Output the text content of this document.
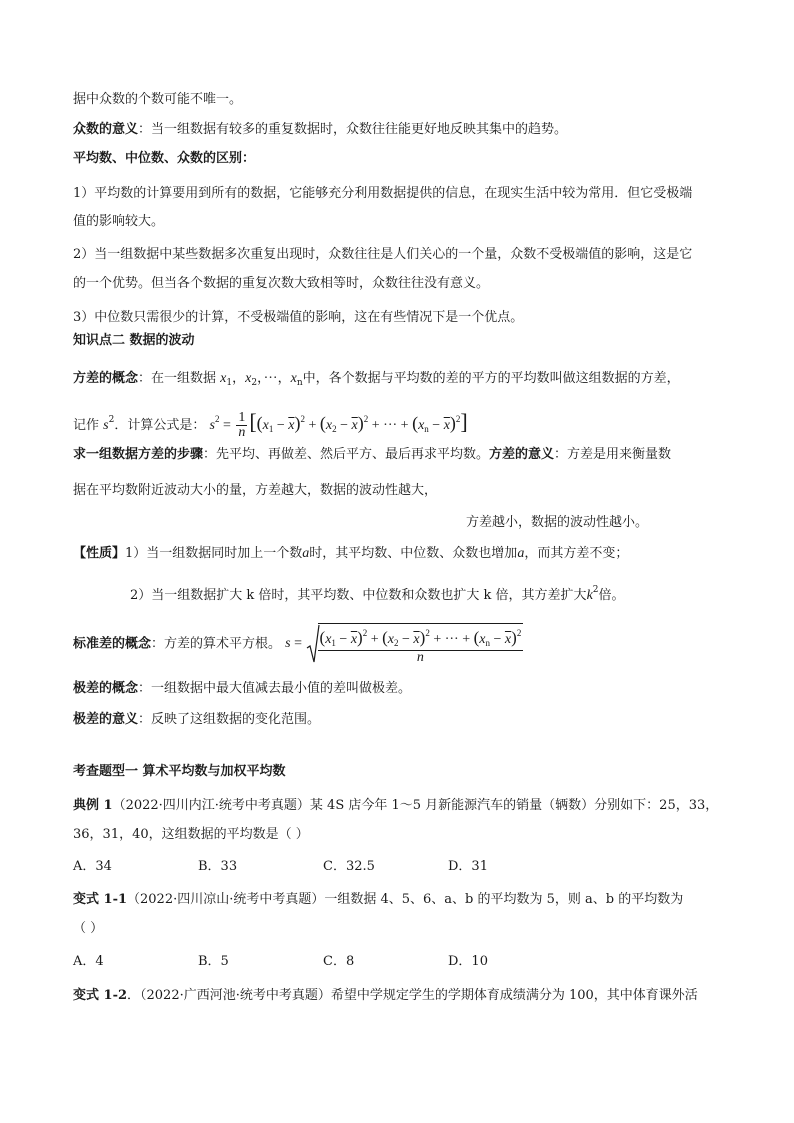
据中众数的个数可能不唯一。
众数的意义：当一组数据有较多的重复数据时，众数往往能更好地反映其集中的趋势。
平均数、中位数、众数的区别：
1）平均数的计算要用到所有的数据，它能够充分利用数据提供的信息，在现实生活中较为常用．但它受极端
值的影响较大。
2）当一组数据中某些数据多次重复出现时，众数往往是人们关心的一个量，众数不受极端值的影响，这是它
的一个优势。但当各个数据的重复次数大致相等时，众数往往没有意义。
3）中位数只需很少的计算，不受极端值的影响，这在有些情况下是一个优点。
知识点二 数据的波动
方差的概念：在一组数据 $x_1$，$x_2$，···，$x_n$中，各个数据与平均数的差的平方的平均数叫做这组数据的方差，
记作 $s^2$．计算公式是： $s^2 = \frac{1}{n} [(x_1 - \overline{x})^2 + (x_2 - \overline{x})^2$ + ··· + $(x_n - \overline{x})^2$]
求一组数据方差的步骤：先平均、再做差、然后平方、最后再求平均数。方差的意义：方差是用来衡量数
据在平均数附近波动大小的量，方差越大，数据的波动性越大，
方差越小，数据的波动性越小。
【性质】1）当一组数据同时加上一个数a时，其平均数、中位数、众数也增加a，而其方差不变；
2）当一组数据扩大 k 倍时，其平均数、中位数和众数也扩大 k 倍，其方差扩大$k^2$倍。
标准差的概念：方差的算术平方根。 $s = \frac{(x_1 - \overline{x})^2 + (x_2 - \overline{x})^2 + \cdot\cdot\cdot + (x_n - \overline{x})^2}{n}$
极差的概念：一组数据中最大值减去最小值的差叫做极差。
极差的意义：反映了这组数据的变化范围。
考查题型一 算术平均数与加权平均数
典例 1（2022·四川内江·统考中考真题）某 4S 店今年 1～5 月新能源汽车的销量（辆数）分别如下：25，33，
36，31，40，这组数据的平均数是（ ）
A．34	B．33	C．32.5	D．31
变式 1-1（2022·四川凉山·统考中考真题）一组数据 4、5、6、a、b 的平均数为 5，则 a、b 的平均数为
（ ）
A．4	B．5	C．8	D．10
变式 1-2．（2022·广西河池·统考中考真题）希望中学规定学生的学期体育成绩满分为 100，其中体育课外活
